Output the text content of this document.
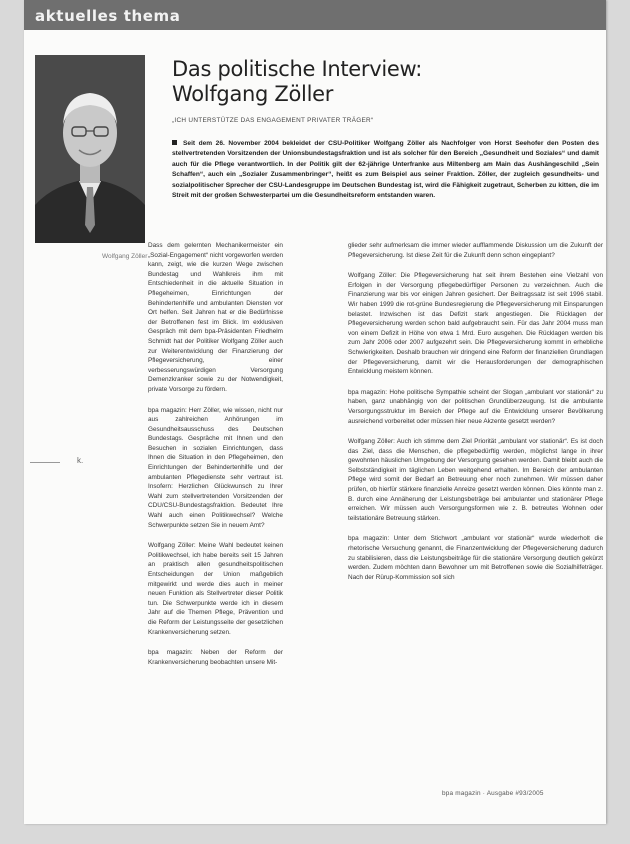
aktuelles thema
Wolfgang Zöller
Das politische Interview:
Wolfgang Zöller
„ICH UNTERSTÜTZE DAS ENGAGEMENT PRIVATER TRÄGER“
Seit dem 26. November 2004 bekleidet der CSU-Politiker Wolfgang Zöller als Nachfolger von Horst Seehofer den Posten des stellvertretenden Vorsitzenden der Unionsbundestagsfraktion und ist als solcher für den Bereich „Gesundheit und Soziales“ und damit auch für die Pflege verantwortlich. In der Politik gilt der 62-jährige Unterfranke aus Miltenberg am Main das Aushängeschild „Sein Schaffen“, auch ein „Sozialer Zusammenbringer“, heißt es zum Beispiel aus seiner Fraktion. Zöller, der zugleich gesundheits- und sozialpolitischer Sprecher der CSU-Landesgruppe im Deutschen Bundestag ist, wird die Fähigkeit zugetraut, Scherben zu kitten, die im Streit mit der großen Schwesterpartei um die Gesundheitsreform entstanden waren.

Dass dem gelernten Mechanikermeister ein „Sozial-Engagement“ nicht vorgeworfen werden kann, zeigt, wie die kurzen Wege zwischen Bundestag und Wahlkreis ihm mit Entschiedenheit in die aktuelle Situation in Pflegeheimen, Einrichtungen der Behindertenhilfe und ambulanten Diensten vor Ort helfen. Seit Jahren hat er die Bedürfnisse der Betroffenen fest im Blick. Im exklusiven Gespräch mit dem bpa-Präsidenten Friedhelm Schmidt hat der Politiker Wolfgang Zöller auch zur Weiterentwicklung der Finanzierung der Pflegeversicherung, einer verbesserungswürdigen Versorgung Demenzkranker sowie zu der Notwendigkeit, private Vorsorge zu fördern.

bpa magazin: Herr Zöller, wie wissen, nicht nur aus zahlreichen Anhörungen im Gesundheitsausschuss des Deutschen Bundestags. Gespräche mit Ihnen und den Besuchen in sozialen Einrichtungen, dass Ihnen die Situation in den Pflegeheimen, den Einrichtungen der Behindertenhilfe und der ambulanten Pflegedienste sehr vertraut ist. Insofern: Herzlichen Glückwunsch zu Ihrer Wahl zum stellvertretenden Vorsitzenden der CDU/CSU-Bundestagsfraktion. Bedeutet Ihre Wahl auch einen Politikwechsel? Welche Schwerpunkte setzen Sie in neuem Amt?

Wolfgang Zöller: Meine Wahl bedeutet keinen Politikwechsel, ich habe bereits seit 15 Jahren an praktisch allen gesundheitspolitischen Entscheidungen der Union maßgeblich mitgewirkt und werde dies auch in meiner neuen Funktion als Stellvertreter dieser Politik tun. Die Schwerpunkte werde ich in diesem Jahr auf die Themen Pflege, Prävention und die Reform der Leistungsseite der gesetzlichen Krankenversicherung setzen.

bpa magazin: Neben der Reform der Krankenversicherung beobachten unsere Mit-

glieder sehr aufmerksam die immer wieder aufflammende Diskussion um die Zukunft der Pflegeversicherung. Ist diese Zeit für die Zukunft denn schon eingeplant?

Wolfgang Zöller: Die Pflegeversicherung hat seit ihrem Bestehen eine Vielzahl von Erfolgen in der Versorgung pflegebedürftiger Personen zu verzeichnen. Auch die Finanzierung war bis vor einigen Jahren gesichert. Der Beitragssatz ist seit 1996 stabil. Wir haben 1999 die rot-grüne Bundesregierung die Pflegeversicherung mit Einsparungen belastet. Inzwischen ist das Defizit stark angestiegen. Die Rücklagen der Pflegeversicherung werden schon bald aufgebraucht sein. Für das Jahr 2004 muss man von einem Defizit in Höhe von etwa 1 Mrd. Euro ausgehen. Die Rücklagen werden bis zum Jahr 2006 oder 2007 aufgezehrt sein. Die Pflegeversicherung kommt in erhebliche Schwierigkeiten. Deshalb brauchen wir dringend eine Reform der finanziellen Grundlagen der Pflegeversicherung, damit wir die Herausforderungen der demographischen Entwicklung meistern können.

bpa magazin: Hohe politische Sympathie scheint der Slogan „ambulant vor stationär“ zu haben, ganz unabhängig von der politischen Grundüberzeugung. Ist die ambulante Versorgungsstruktur im Bereich der Pflege auf die Entwicklung unserer Bevölkerung ausreichend vorbereitet oder müssen hier neue Akzente gesetzt werden?

Wolfgang Zöller: Auch ich stimme dem Ziel Priorität „ambulant vor stationär“. Es ist doch das Ziel, dass die Menschen, die pflegebedürftig werden, möglichst lange in ihrer gewohnten häuslichen Umgebung der Versorgung gesehen werden. Damit bleibt auch die Selbstständigkeit im täglichen Leben weitgehend erhalten. Im Bereich der ambulanten Pflege wird somit der Bedarf an Betreuung eher noch zunehmen. Wir müssen daher prüfen, ob hierfür stärkere finanzielle Anreize gesetzt werden können. Dies könnte man z. B. durch eine Annäherung der Leistungsbeträge bei ambulanter und stationärer Pflege erreichen. Wir müssen auch Versorgungsformen wie z. B. betreutes Wohnen oder teilstationäre Betreuung stärken.

bpa magazin: Unter dem Stichwort „ambulant vor stationär“ wurde wiederholt die rhetorische Versuchung genannt, die Finanzentwicklung der Pflegeversicherung dadurch zu stabilisieren, dass die Leistungsbeiträge für die stationäre Versorgung deutlich gekürzt werden. Zudem möchten dann Bewohner um mit Betroffenen sowie die Sozialhilfeträger. Nach der Rürup-Kommission soll sich

k.
bpa magazin · Ausgabe #93/2005
